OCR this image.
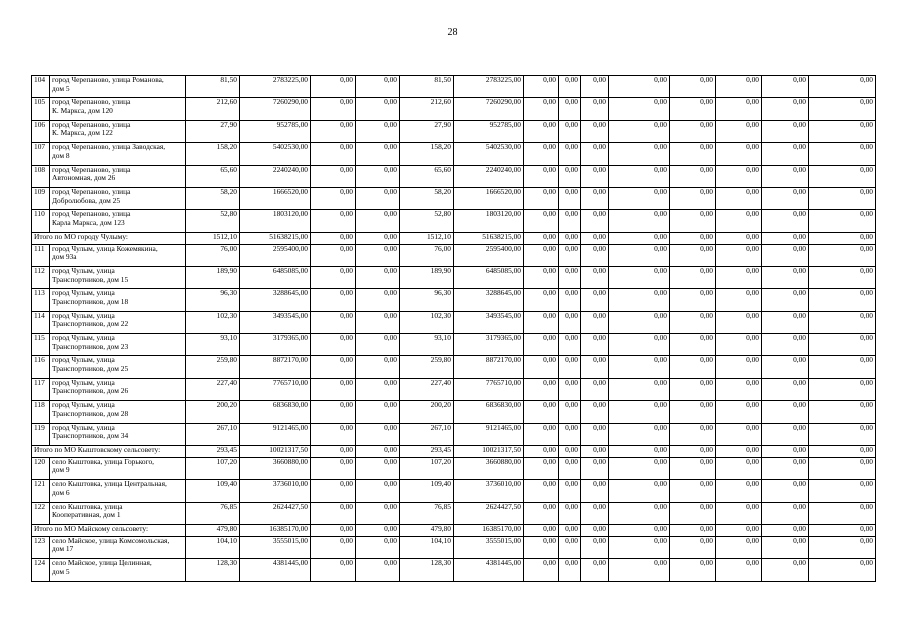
28
104	город Черепаново, улица Романова,
дом 5	81,50	2783225,00	0,00	0,00	81,50	2783225,00	0,00	0,00	0,00	0,00	0,00	0,00	0,00	0,00
105	город Черепаново, улица
К. Маркса, дом 120	212,60	7260290,00	0,00	0,00	212,60	7260290,00	0,00	0,00	0,00	0,00	0,00	0,00	0,00	0,00
106	город Черепаново, улица
К. Маркса, дом 122	27,90	952785,00	0,00	0,00	27,90	952785,00	0,00	0,00	0,00	0,00	0,00	0,00	0,00	0,00
107	город Черепаново, улица Заводская,
дом 8	158,20	5402530,00	0,00	0,00	158,20	5402530,00	0,00	0,00	0,00	0,00	0,00	0,00	0,00	0,00
108	город Черепаново, улица
Автономная, дом 26	65,60	2240240,00	0,00	0,00	65,60	2240240,00	0,00	0,00	0,00	0,00	0,00	0,00	0,00	0,00
109	город Черепаново, улица
Добролюбова, дом 25	58,20	1666520,00	0,00	0,00	58,20	1666520,00	0,00	0,00	0,00	0,00	0,00	0,00	0,00	0,00
110	город Черепаново, улица
Карла Маркса, дом 123	52,80	1803120,00	0,00	0,00	52,80	1803120,00	0,00	0,00	0,00	0,00	0,00	0,00	0,00	0,00
Итого по МО городу Чулыму:		1512,10	51638215,00	0,00	0,00	1512,10	51638215,00	0,00	0,00	0,00	0,00	0,00	0,00	0,00	0,00
111	город Чулым, улица Кожемякина,
дом 93а	76,00	2595400,00	0,00	0,00	76,00	2595400,00	0,00	0,00	0,00	0,00	0,00	0,00	0,00	0,00
112	город Чулым, улица
Транспортников, дом 15	189,90	6485085,00	0,00	0,00	189,90	6485085,00	0,00	0,00	0,00	0,00	0,00	0,00	0,00	0,00
113	город Чулым, улица
Транспортников, дом 18	96,30	3288645,00	0,00	0,00	96,30	3288645,00	0,00	0,00	0,00	0,00	0,00	0,00	0,00	0,00
114	город Чулым, улица
Транспортников, дом 22	102,30	3493545,00	0,00	0,00	102,30	3493545,00	0,00	0,00	0,00	0,00	0,00	0,00	0,00	0,00
115	город Чулым, улица
Транспортников, дом 23	93,10	3179365,00	0,00	0,00	93,10	3179365,00	0,00	0,00	0,00	0,00	0,00	0,00	0,00	0,00
116	город Чулым, улица
Транспортников, дом 25	259,80	8872170,00	0,00	0,00	259,80	8872170,00	0,00	0,00	0,00	0,00	0,00	0,00	0,00	0,00
117	город Чулым, улица
Транспортников, дом 26	227,40	7765710,00	0,00	0,00	227,40	7765710,00	0,00	0,00	0,00	0,00	0,00	0,00	0,00	0,00
118	город Чулым, улица
Транспортников, дом 28	200,20	6836830,00	0,00	0,00	200,20	6836830,00	0,00	0,00	0,00	0,00	0,00	0,00	0,00	0,00
119	город Чулым, улица
Транспортников, дом 34	267,10	9121465,00	0,00	0,00	267,10	9121465,00	0,00	0,00	0,00	0,00	0,00	0,00	0,00	0,00
Итого по МО Кыштовскому сельсовету:		293,45	10021317,50	0,00	0,00	293,45	10021317,50	0,00	0,00	0,00	0,00	0,00	0,00	0,00	0,00
120	село Кыштовка, улица Горького,
дом 9	107,20	3660880,00	0,00	0,00	107,20	3660880,00	0,00	0,00	0,00	0,00	0,00	0,00	0,00	0,00
121	село Кыштовка, улица Центральная,
дом 6	109,40	3736010,00	0,00	0,00	109,40	3736010,00	0,00	0,00	0,00	0,00	0,00	0,00	0,00	0,00
122	село Кыштовка, улица
Кооперативная, дом 1	76,85	2624427,50	0,00	0,00	76,85	2624427,50	0,00	0,00	0,00	0,00	0,00	0,00	0,00	0,00
Итого по МО Майскому сельсовету:		479,80	16385170,00	0,00	0,00	479,80	16385170,00	0,00	0,00	0,00	0,00	0,00	0,00	0,00	0,00
123	село Майское, улица Комсомольская,
дом 17	104,10	3555015,00	0,00	0,00	104,10	3555015,00	0,00	0,00	0,00	0,00	0,00	0,00	0,00	0,00
124	село Майское, улица Целинная,
дом 5	128,30	4381445,00	0,00	0,00	128,30	4381445,00	0,00	0,00	0,00	0,00	0,00	0,00	0,00	0,00
